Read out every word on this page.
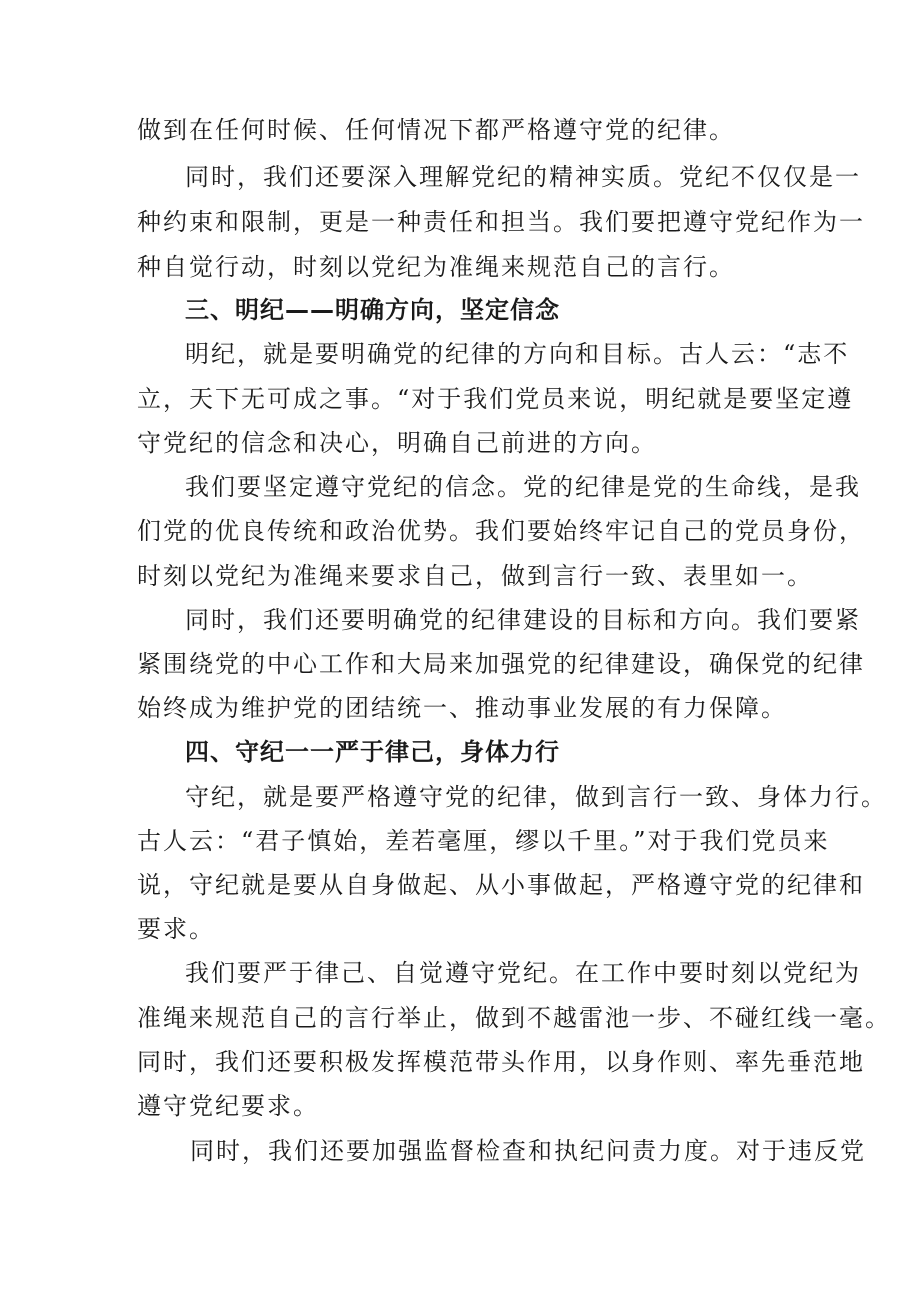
做到在任何时候、任何情况下都严格遵守党的纪律。
同时，我们还要深入理解党纪的精神实质。党纪不仅仅是一
种约束和限制，更是一种责任和担当。我们要把遵守党纪作为一
种自觉行动，时刻以党纪为准绳来规范自己的言行。
三、明纪——明确方向，坚定信念
明纪，就是要明确党的纪律的方向和目标。古人云：“志不
立，天下无可成之事。“对于我们党员来说，明纪就是要坚定遵
守党纪的信念和决心，明确自己前进的方向。
我们要坚定遵守党纪的信念。党的纪律是党的生命线，是我
们党的优良传统和政治优势。我们要始终牢记自己的党员身份，
时刻以党纪为准绳来要求自己，做到言行一致、表里如一。
同时，我们还要明确党的纪律建设的目标和方向。我们要紧
紧围绕党的中心工作和大局来加强党的纪律建设，确保党的纪律
始终成为维护党的团结统一、推动事业发展的有力保障。
四、守纪一一严于律己，身体力行
守纪，就是要严格遵守党的纪律，做到言行一致、身体力行。
古人云：“君子慎始，差若毫厘，缪以千里。”对于我们党员来
说，守纪就是要从自身做起、从小事做起，严格遵守党的纪律和
要求。
我们要严于律己、自觉遵守党纪。在工作中要时刻以党纪为
准绳来规范自己的言行举止，做到不越雷池一步、不碰红线一毫。
同时，我们还要积极发挥模范带头作用，以身作则、率先垂范地
遵守党纪要求。
同时，我们还要加强监督检查和执纪问责力度。对于违反党
